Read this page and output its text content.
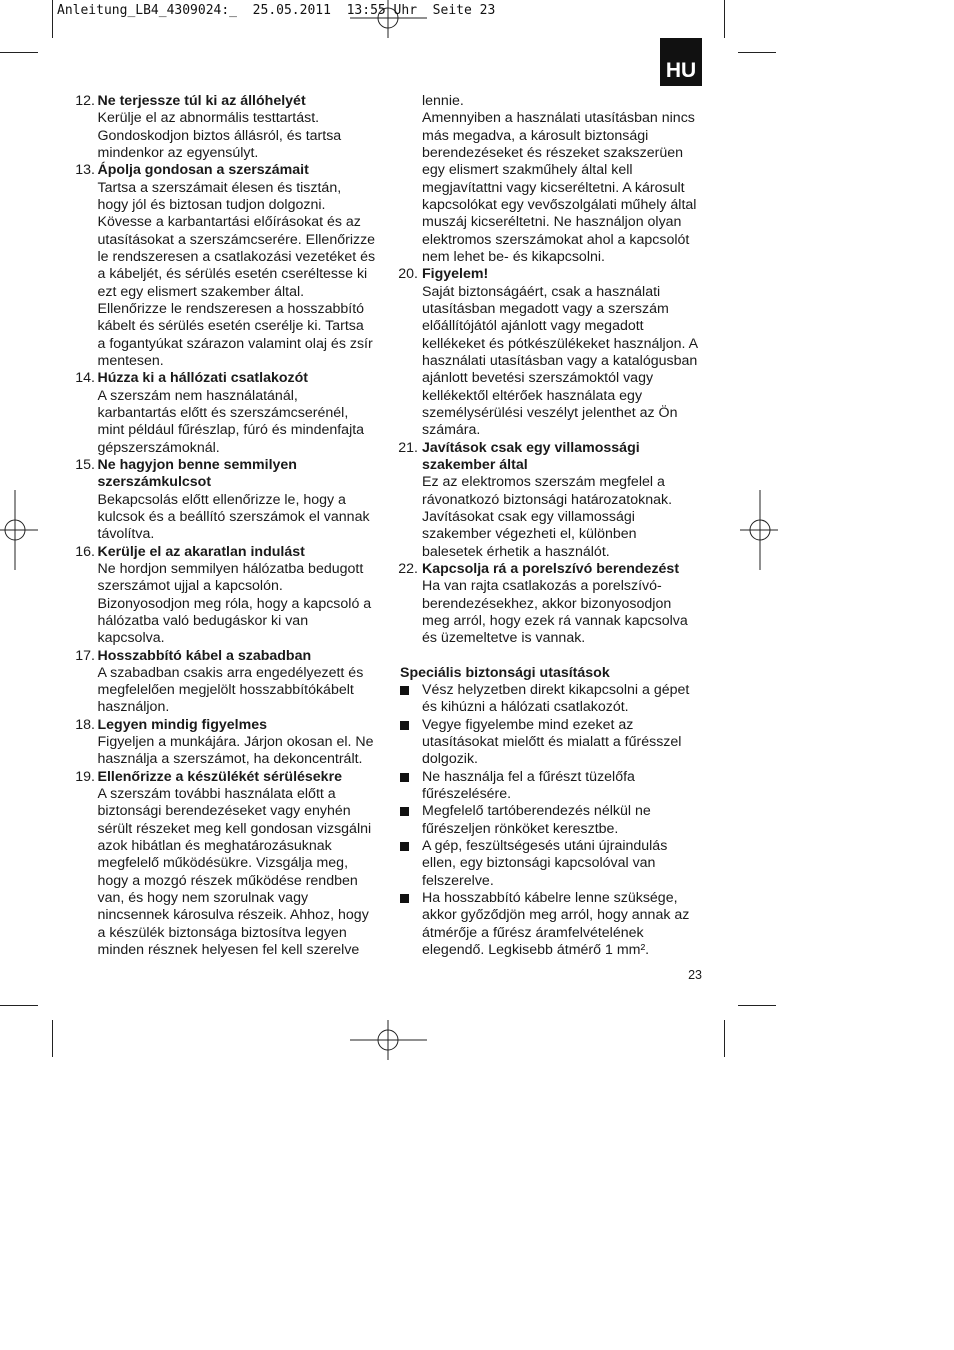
Anleitung_LB4_4309024:_  25.05.2011  13:55 Uhr  Seite 23
HU
12. Ne terjessze túl ki az állóhelyét
Kerülje el az abnormális testtartást.
Gondoskodjon biztos állásról, és tartsa
mindenkor az egyensúlyt.
13. Ápolja gondosan a szerszámait
Tartsa a szerszámait élesen és tisztán,
hogy jól és biztosan tudjon dolgozni.
Kövesse a karbantartási előírásokat és az
utasításokat a szerszámcserére. Ellenőrizze
le rendszeresen a csatlakozási vezetéket és
a kábeljét, és sérülés esetén cseréltesse ki
ezt egy elismert szakember által.
Ellenőrizze le rendszeresen a hosszabbító
kábelt és sérülés esetén cserélje ki. Tartsa
a fogantyúkat szárazon valamint olaj és zsír
mentesen.
14. Húzza ki a hállózati csatlakozót
A szerszám nem használatánál,
karbantartás előtt és szerszámcserénél,
mint például fűrészlap, fúró és mindenfajta
gépszerszámoknál.
15. Ne hagyjon benne semmilyen
szerszámkulcsot
Bekapcsolás előtt ellenőrizze le, hogy a
kulcsok és a beállító szerszámok el vannak
távolítva.
16. Kerülje el az akaratlan indulást
Ne hordjon semmilyen hálózatba bedugott
szerszámot ujjal a kapcsolón.
Bizonyosodjon meg róla, hogy a kapcsoló a
hálózatba való bedugáskor ki van
kapcsolva.
17. Hosszabbító kábel a szabadban
A szabadban csakis arra engedélyezett és
megfelelően megjelölt hosszabbítókábelt
használjon.
18. Legyen mindig figyelmes
Figyeljen a munkájára. Járjon okosan el. Ne
használja a szerszámot, ha dekoncentrált.
19. Ellenőrizze a készülékét sérülésekre
A szerszám további használata előtt a
biztonsági berendezéseket vagy enyhén
sérült részeket meg kell gondosan vizsgálni
azok hibátlan és meghatározásuknak
megfelelő működésükre. Vizsgálja meg,
hogy a mozgó részek működése rendben
van, és hogy nem szorulnak vagy
nincsennek károsulva részeik. Ahhoz, hogy
a készülék biztonsága biztosítva legyen
minden résznek helyesen fel kell szerelve
lennie.
Amennyiben a használati utasításban nincs
más megadva, a károsult biztonsági
berendezéseket és részeket szakszerüen
egy elismert szakműhely által kell
megjavítattni vagy kicseréltetni. A károsult
kapcsolókat egy vevőszolgálati műhely által
muszáj kicseréltetni. Ne használjon olyan
elektromos szerszámokat ahol a kapcsolót
nem lehet be- és kikapcsolni.
20. Figyelem!
Saját biztonságáért, csak a használati
utasításban megadott vagy a szerszám
előállítójától ajánlott vagy megadott
kellékeket és pótkészülékeket használjon. A
használati utasításban vagy a katalógusban
ajánlott bevetési szerszámoktól vagy
kellékektől eltérőek használata egy
személysérülési veszélyt jelenthet az Ön
számára.
21. Javítások csak egy villamossági
szakember által
Ez az elektromos szerszám megfelel a
rávonatkozó biztonsági határozatoknak.
Javításokat csak egy villamossági
szakember végezheti el, különben
balesetek érhetik a használót.
22. Kapcsolja rá a porelszívó berendezést
Ha van rajta csatlakozás a porelszívó-
berendezésekhez, akkor bizonyosodjon
meg arról, hogy ezek rá vannak kapcsolva
és üzemeltetve is vannak.
Speciális biztonsági utasítások
Vész helyzetben direkt kikapcsolni a gépet
és kihúzni a hálózati csatlakozót.
Vegye figyelembe mind ezeket az
utasításokat mielőtt és mialatt a fűrésszel
dolgozik.
Ne használja fel a fűrészt tüzelőfa
fűrészelésére.
Megfelelő tartóberendezés nélkül ne
fűrészeljen rönköket keresztbe.
A gép, feszültségesés utáni újraindulás
ellen, egy biztonsági kapcsolóval van
felszerelve.
Ha hosszabbító kábelre lenne szüksége,
akkor győződjön meg arról, hogy annak az
átmérője a fűrész áramfelvételének
elegendő. Legkisebb átmérő 1 mm².
23
